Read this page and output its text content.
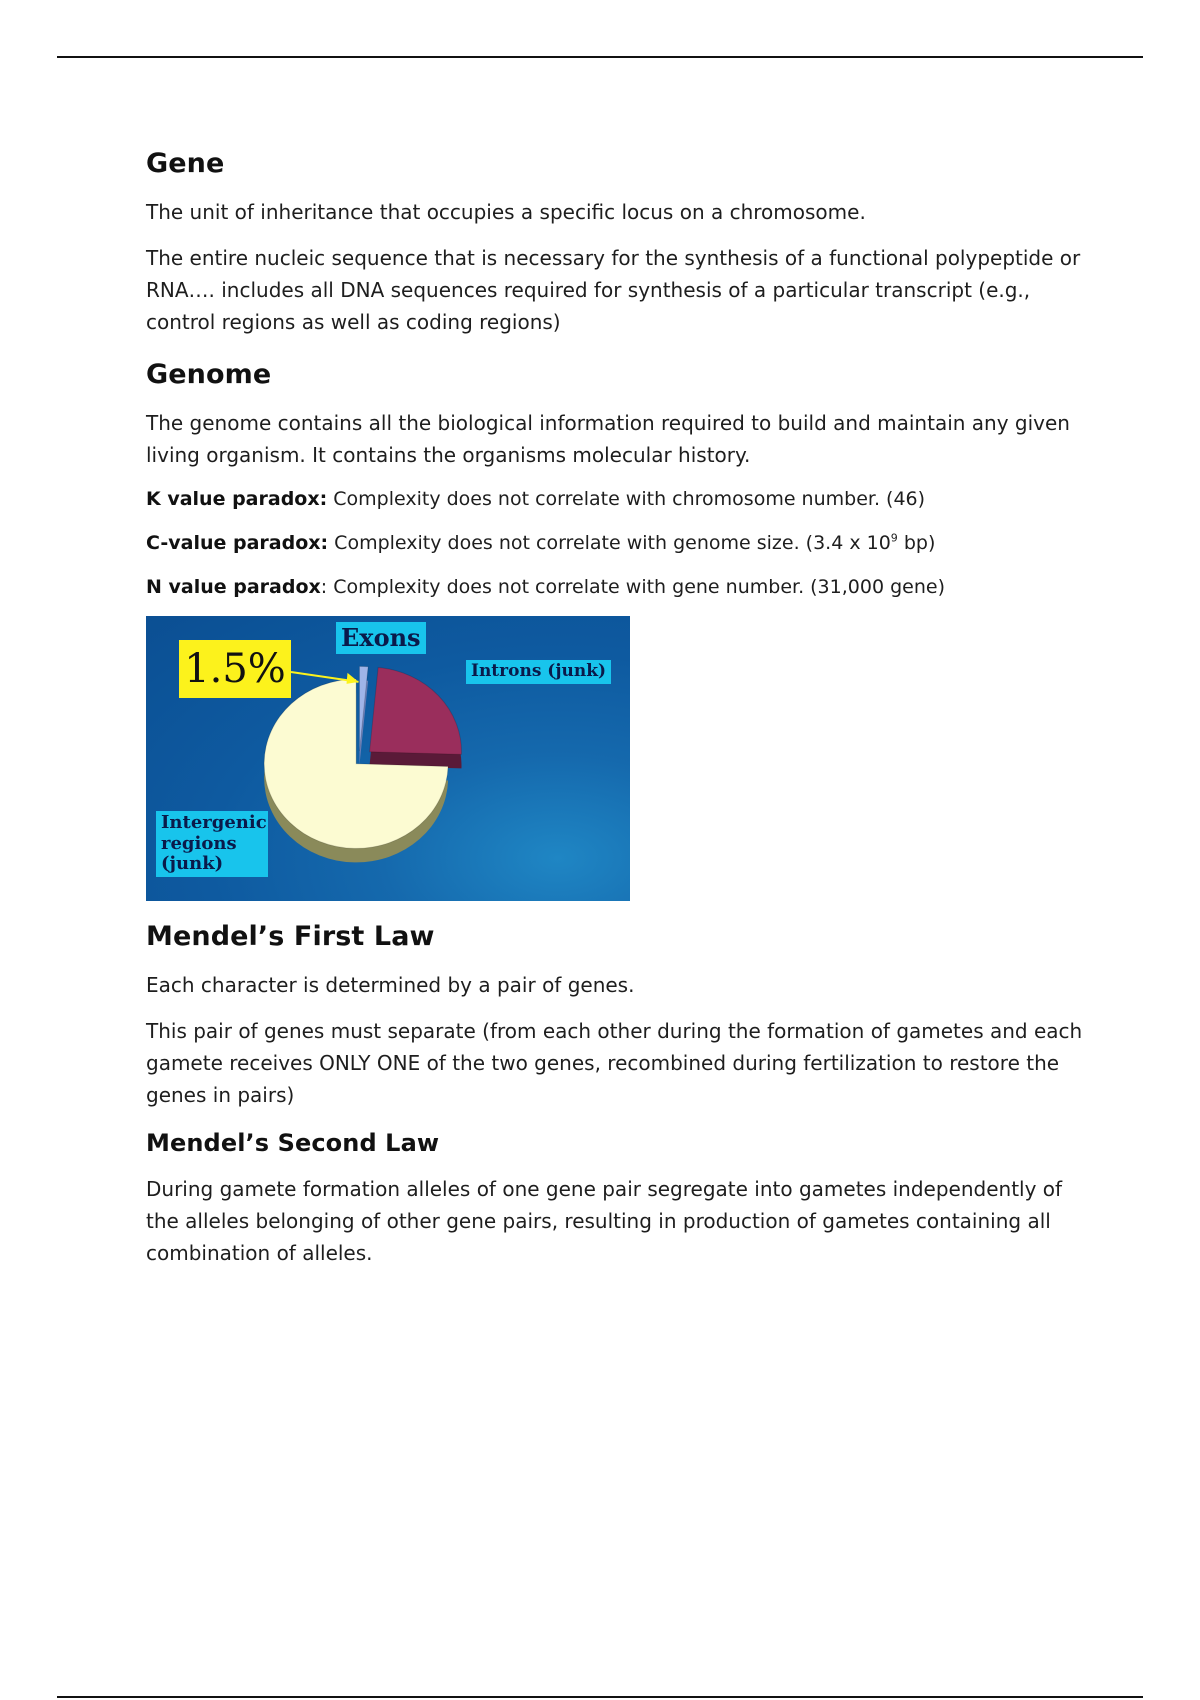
Gene

The unit of inheritance that occupies a specific locus on a chromosome.

The entire nucleic sequence that is necessary for the synthesis of a functional polypeptide or RNA…. includes all DNA sequences required for synthesis of a particular transcript (e.g., control regions as well as coding regions)

Genome

The genome contains all the biological information required to build and maintain any given living organism. It contains the organisms molecular history.

K value paradox: Complexity does not correlate with chromosome number. (46)

C-value paradox: Complexity does not correlate with genome size. (3.4 x $10^9$ bp)

N value paradox: Complexity does not correlate with gene number. (31,000 gene)

1.5%
Exons
Introns (junk)
Intergenic regions (junk)
Mendel’s First Law

Each character is determined by a pair of genes.

This pair of genes must separate (from each other during the formation of gametes and each gamete receives ONLY ONE of the two genes, recombined during fertilization to restore the genes in pairs)

Mendel’s Second Law

During gamete formation alleles of one gene pair segregate into gametes independently of the alleles belonging of other gene pairs, resulting in production of gametes containing all combination of alleles.
